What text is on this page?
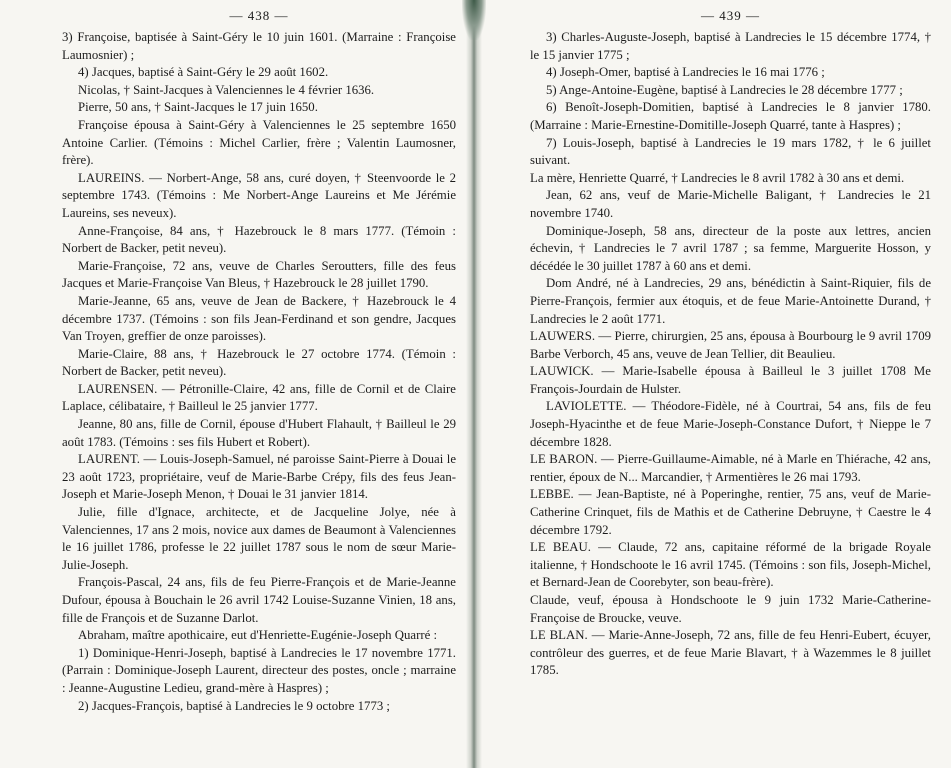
— 438 —

3) Françoise, baptisée à Saint-Géry le 10 juin 1601. (Marraine : Françoise Laumosnier) ;

4) Jacques, baptisé à Saint-Géry le 29 août 1602.

Nicolas, † Saint-Jacques à Valenciennes le 4 février 1636.

Pierre, 50 ans, † Saint-Jacques le 17 juin 1650.

Françoise épousa à Saint-Géry à Valenciennes le 25 septembre 1650 Antoine Carlier. (Témoins : Michel Carlier, frère ; Valentin Laumosner, frère).

LAUREINS. — Norbert-Ange, 58 ans, curé doyen, † Steenvoorde le 2 septembre 1743. (Témoins : Me Norbert-Ange Laureins et Me Jérémie Laureins, ses neveux).

Anne-Françoise, 84 ans, † Hazebrouck le 8 mars 1777. (Témoin : Norbert de Backer, petit neveu).

Marie-Françoise, 72 ans, veuve de Charles Seroutters, fille des feus Jacques et Marie-Françoise Van Bleus, † Hazebrouck le 28 juillet 1790.

Marie-Jeanne, 65 ans, veuve de Jean de Backere, † Hazebrouck le 4 décembre 1737. (Témoins : son fils Jean-Ferdinand et son gendre, Jacques Van Troyen, greffier de onze paroisses).

Marie-Claire, 88 ans, † Hazebrouck le 27 octobre 1774. (Témoin : Norbert de Backer, petit neveu).

LAURENSEN. — Pétronille-Claire, 42 ans, fille de Cornil et de Claire Laplace, célibataire, † Bailleul le 25 janvier 1777.

Jeanne, 80 ans, fille de Cornil, épouse d'Hubert Flahault, † Bailleul le 29 août 1783. (Témoins : ses fils Hubert et Robert).

LAURENT. — Louis-Joseph-Samuel, né paroisse Saint-Pierre à Douai le 23 août 1723, propriétaire, veuf de Marie-Barbe Crépy, fils des feus Jean-Joseph et Marie-Joseph Menon, † Douai le 31 janvier 1814.

Julie, fille d'Ignace, architecte, et de Jacqueline Jolye, née à Valenciennes, 17 ans 2 mois, novice aux dames de Beaumont à Valenciennes le 16 juillet 1786, professe le 22 juillet 1787 sous le nom de sœur Marie-Julie-Joseph.

François-Pascal, 24 ans, fils de feu Pierre-François et de Marie-Jeanne Dufour, épousa à Bouchain le 26 avril 1742 Louise-Suzanne Vinien, 18 ans, fille de François et de Suzanne Darlot.

Abraham, maître apothicaire, eut d'Henriette-Eugénie-Joseph Quarré :

1) Dominique-Henri-Joseph, baptisé à Landrecies le 17 novembre 1771. (Parrain : Dominique-Joseph Laurent, directeur des postes, oncle ; marraine : Jeanne-Augustine Ledieu, grand-mère à Haspres) ;

2) Jacques-François, baptisé à Landrecies le 9 octobre 1773 ;

— 439 —

3) Charles-Auguste-Joseph, baptisé à Landrecies le 15 décembre 1774, † le 15 janvier 1775 ;

4) Joseph-Omer, baptisé à Landrecies le 16 mai 1776 ;

5) Ange-Antoine-Eugène, baptisé à Landrecies le 28 décembre 1777 ;

6) Benoît-Joseph-Domitien, baptisé à Landrecies le 8 janvier 1780. (Marraine : Marie-Ernestine-Domitille-Joseph Quarré, tante à Haspres) ;

7) Louis-Joseph, baptisé à Landrecies le 19 mars 1782, † le 6 juillet suivant.

La mère, Henriette Quarré, † Landrecies le 8 avril 1782 à 30 ans et demi.

Jean, 62 ans, veuf de Marie-Michelle Baligant, † Landrecies le 21 novembre 1740.

Dominique-Joseph, 58 ans, directeur de la poste aux lettres, ancien échevin, † Landrecies le 7 avril 1787 ; sa femme, Marguerite Hosson, y décédée le 30 juillet 1787 à 60 ans et demi.

Dom André, né à Landrecies, 29 ans, bénédictin à Saint-Riquier, fils de Pierre-François, fermier aux étoquis, et de feue Marie-Antoinette Durand, † Landrecies le 2 août 1771.

LAUWERS. — Pierre, chirurgien, 25 ans, épousa à Bourbourg le 9 avril 1709 Barbe Verborch, 45 ans, veuve de Jean Tellier, dit Beaulieu.

LAUWICK. — Marie-Isabelle épousa à Bailleul le 3 juillet 1708 Me François-Jourdain de Hulster.

LAVIOLETTE. — Théodore-Fidèle, né à Courtrai, 54 ans, fils de feu Joseph-Hyacinthe et de feue Marie-Joseph-Constance Dufort, † Nieppe le 7 décembre 1828.

LE BARON. — Pierre-Guillaume-Aimable, né à Marle en Thiérache, 42 ans, rentier, époux de N... Marcandier, † Armentières le 26 mai 1793.

LEBBE. — Jean-Baptiste, né à Poperinghe, rentier, 75 ans, veuf de Marie-Catherine Crinquet, fils de Mathis et de Catherine Debruyne, † Caestre le 4 décembre 1792.

LE BEAU. — Claude, 72 ans, capitaine réformé de la brigade Royale italienne, † Hondschoote le 16 avril 1745. (Témoins : son fils, Joseph-Michel, et Bernard-Jean de Coorebyter, son beau-frère).

Claude, veuf, épousa à Hondschoote le 9 juin 1732 Marie-Catherine-Françoise de Broucke, veuve.

LE BLAN. — Marie-Anne-Joseph, 72 ans, fille de feu Henri-Eubert, écuyer, contrôleur des guerres, et de feue Marie Blavart, † à Wazemmes le 8 juillet 1785.
